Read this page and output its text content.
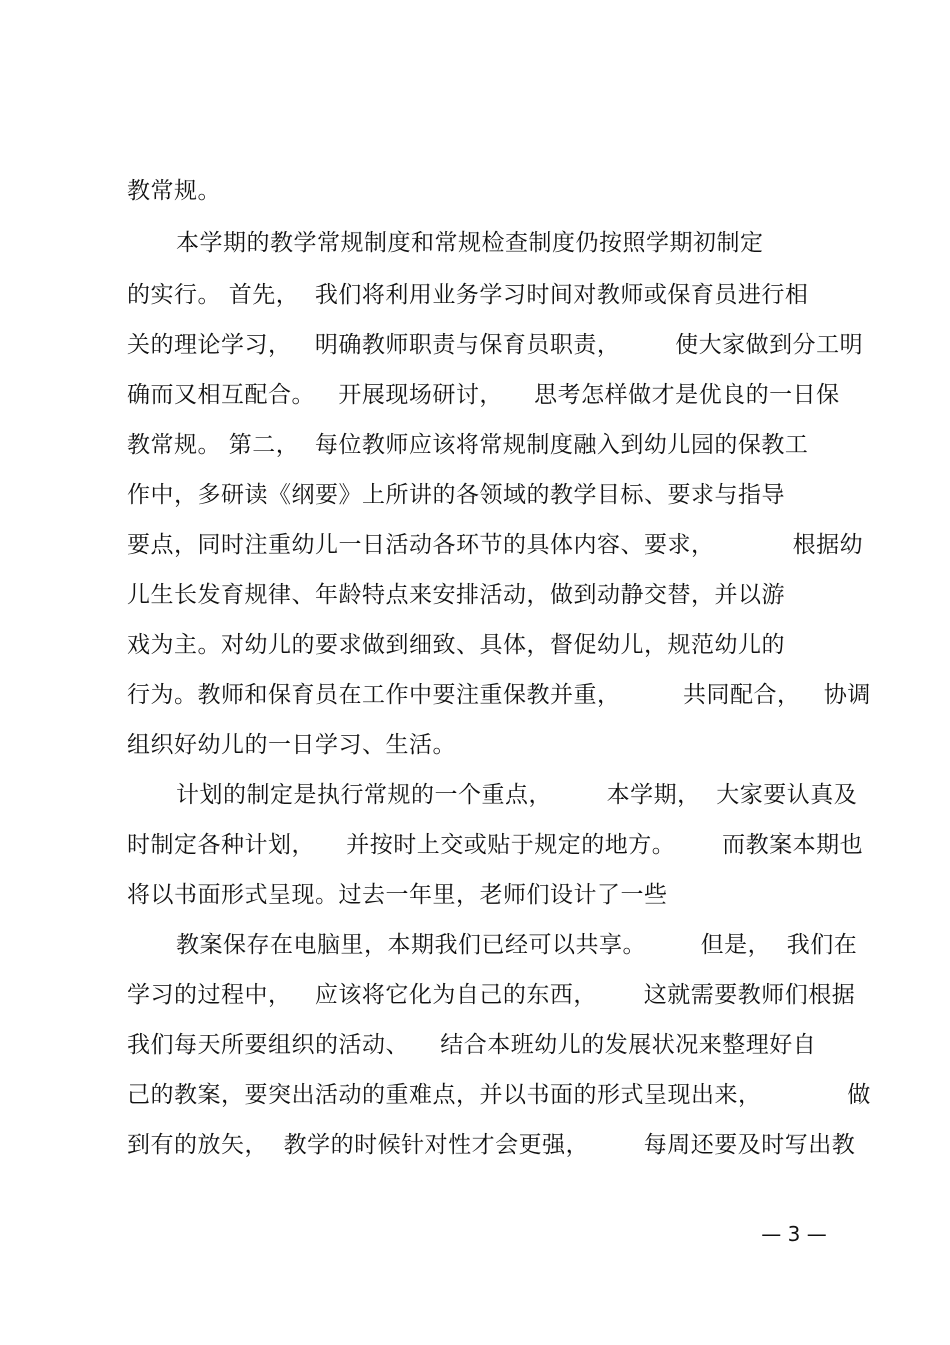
教常规。
本学期的教学常规制度和常规检查制度仍按照学期初制定
的实行。 首先，  我们将利用业务学习时间对教师或保育员进行相
关的理论学习，   明确教师职责与保育员职责，       使大家做到分工明
确而又相互配合。   开展现场研讨，    思考怎样做才是优良的一日保
教常规。 第二，  每位教师应该将常规制度融入到幼儿园的保教工
作中，多研读《纲要》上所讲的各领域的教学目标、要求与指导
要点，同时注重幼儿一日活动各环节的具体内容、要求，          根据幼
儿生长发育规律、年龄特点来安排活动，做到动静交替，并以游
戏为主。对幼儿的要求做到细致、具体，督促幼儿，规范幼儿的
行为。教师和保育员在工作中要注重保教并重，        共同配合，   协调
组织好幼儿的一日学习、生活。
计划的制定是执行常规的一个重点，       本学期，  大家要认真及
时制定各种计划，    并按时上交或贴于规定的地方。      而教案本期也
将以书面形式呈现。过去一年里，老师们设计了一些
教案保存在电脑里，本期我们已经可以共享。       但是，  我们在
学习的过程中，   应该将它化为自己的东西，      这就需要教师们根据
我们每天所要组织的活动、    结合本班幼儿的发展状况来整理好自
己的教案，要突出活动的重难点，并以书面的形式呈现出来，           做
到有的放矢，  教学的时候针对性才会更强，       每周还要及时写出教
— 3 —
